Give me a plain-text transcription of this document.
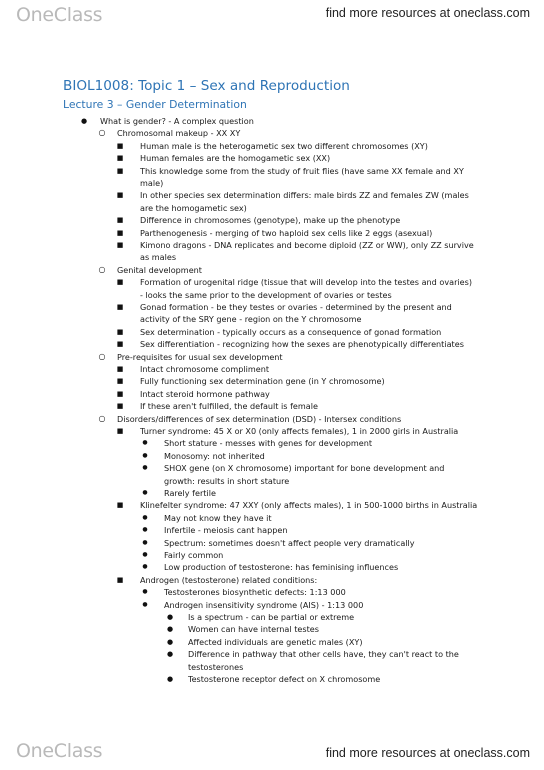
OneClass	find more resources at oneclass.com
BIOL1008: Topic 1 – Sex and Reproduction
Lecture 3 – Gender Determination
●	What is gender? - A complex question
○	Chromosomal makeup - XX XY
■	Human male is the heterogametic sex two different chromosomes (XY)
■	Human females are the homogametic sex (XX)
■	This knowledge some from the study of fruit flies (have same XX female and XY
male)
■	In other species sex determination differs: male birds ZZ and females ZW (males
are the homogametic sex)
■	Difference in chromosomes (genotype), make up the phenotype
■	Parthenogenesis - merging of two haploid sex cells like 2 eggs (asexual)
■	Kimono dragons - DNA replicates and become diploid (ZZ or WW), only ZZ survive
as males
○	Genital development
■	Formation of urogenital ridge (tissue that will develop into the testes and ovaries)
- looks the same prior to the development of ovaries or testes
■	Gonad formation - be they testes or ovaries - determined by the present and
activity of the SRY gene - region on the Y chromosome
■	Sex determination - typically occurs as a consequence of gonad formation
■	Sex differentiation - recognizing how the sexes are phenotypically differentiates
○	Pre-requisites for usual sex development
■	Intact chromosome compliment
■	Fully functioning sex determination gene (in Y chromosome)
■	Intact steroid hormone pathway
■	If these aren't fulfilled, the default is female
○	Disorders/differences of sex determination (DSD) - Intersex conditions
■	Turner syndrome: 45 X or X0 (only affects females), 1 in 2000 girls in Australia
●	Short stature - messes with genes for development
●	Monosomy: not inherited
●	SHOX gene (on X chromosome) important for bone development and
growth: results in short stature
●	Rarely fertile
■	Klinefelter syndrome: 47 XXY (only affects males), 1 in 500-1000 births in Australia
●	May not know they have it
●	Infertile - meiosis cant happen
●	Spectrum: sometimes doesn't affect people very dramatically
●	Fairly common
●	Low production of testosterone: has feminising influences
■	Androgen (testosterone) related conditions:
●	Testosterones biosynthetic defects: 1:13 000
●	Androgen insensitivity syndrome (AIS) - 1:13 000
●	Is a spectrum - can be partial or extreme
●	Women can have internal testes
●	Affected individuals are genetic males (XY)
●	Difference in pathway that other cells have, they can't react to the
testosterones
●	Testosterone receptor defect on X chromosome
OneClass	find more resources at oneclass.com
